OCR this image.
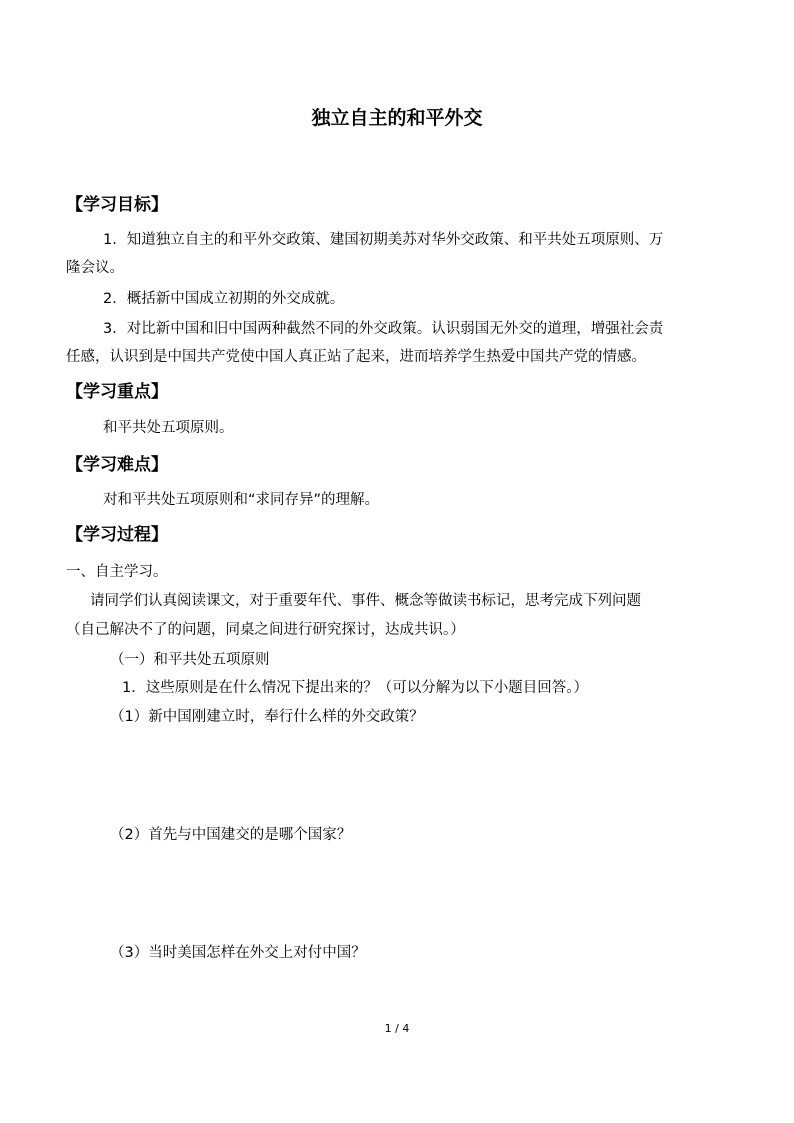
独立自主的和平外交
【学习目标】
1．知道独立自主的和平外交政策、建国初期美苏对华外交政策、和平共处五项原则、万
隆会议。
2．概括新中国成立初期的外交成就。
3．对比新中国和旧中国两种截然不同的外交政策。认识弱国无外交的道理，增强社会责
任感，认识到是中国共产党使中国人真正站了起来，进而培养学生热爱中国共产党的情感。
【学习重点】
和平共处五项原则。
【学习难点】
对和平共处五项原则和“求同存异”的理解。
【学习过程】
一、自主学习。
请同学们认真阅读课文，对于重要年代、事件、概念等做读书标记，思考完成下列问题
（自己解决不了的问题，同桌之间进行研究探讨，达成共识。）
（一）和平共处五项原则
1．这些原则是在什么情况下提出来的？（可以分解为以下小题目回答。）
（1）新中国刚建立时，奉行什么样的外交政策？
（2）首先与中国建交的是哪个国家？
（3）当时美国怎样在外交上对付中国？
1 / 4
